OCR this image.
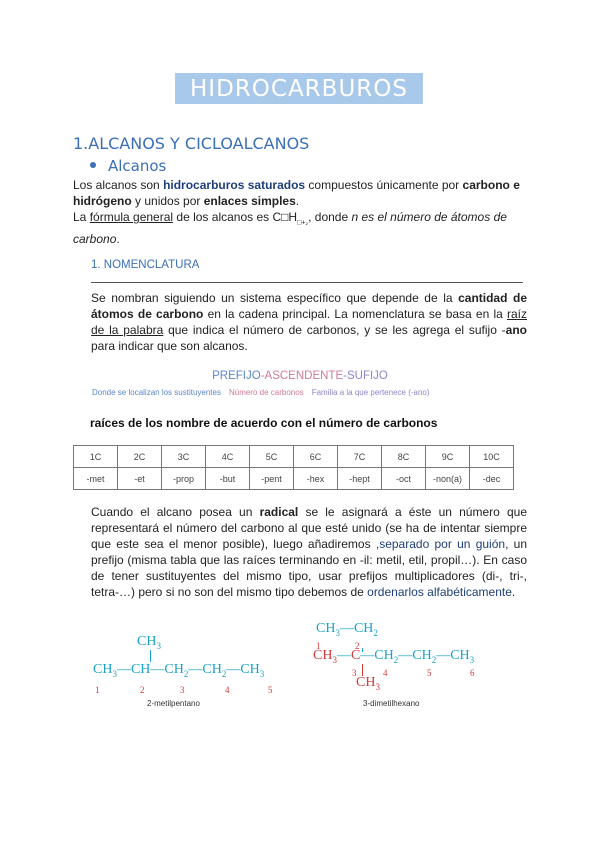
HIDROCARBUROS
1.ALCANOS Y CICLOALCANOS
Alcanos
Los alcanos son hidrocarburos saturados compuestos únicamente por carbono e hidrógeno y unidos por enlaces simples.
La fórmula general de los alcanos es $C□H_{□+_2}$, donde n es el número de átomos de carbono.
1. NOMENCLATURA
Se nombran siguiendo un sistema específico que depende de la cantidad de átomos de carbono en la cadena principal. La nomenclatura se basa en la raíz de la palabra que indica el número de carbonos, y se les agrega el sufijo -ano para indicar que son alcanos.
PREFIJO-ASCENDENTE-SUFIJO
Donde se localizan los sustituyentes Número de carbonos Familia a la que pertenece (-ano)
raíces de los nombre de acuerdo con el número de carbonos
1C	2C	3C	4C	5C	6C	7C	8C	9C	10C
-met	-et	-prop	-but	-pent	-hex	-hept	-oct	-non(a)	-dec
Cuando el alcano posea un radical se le asignará a éste un número que representará el número del carbono al que esté unido (se ha de intentar siempre que este sea el menor posible), luego añadiremos ,separado por un guión, un prefijo (misma tabla que las raíces terminando en -il: metil, etil, propil…). En caso de tener sustituyentes del mismo tipo, usar prefijos multiplicadores (di-, tri-, tetra-…) pero si no son del mismo tipo debemos de ordenarlos alfabéticamente.
$CH_3$
$CH_3—CH—CH_2—CH_2—CH_3$
$_1$	$_2$	$_3$	$_4$	$_5$
2-metilpentano
$CH_3—CH_2$
$_1$	$_2$
$CH_3—C—CH_2—CH_2—CH_3$
$_3$	$_4$	$_5$	$_6$
$CH_3$
3-dimetilhexano
